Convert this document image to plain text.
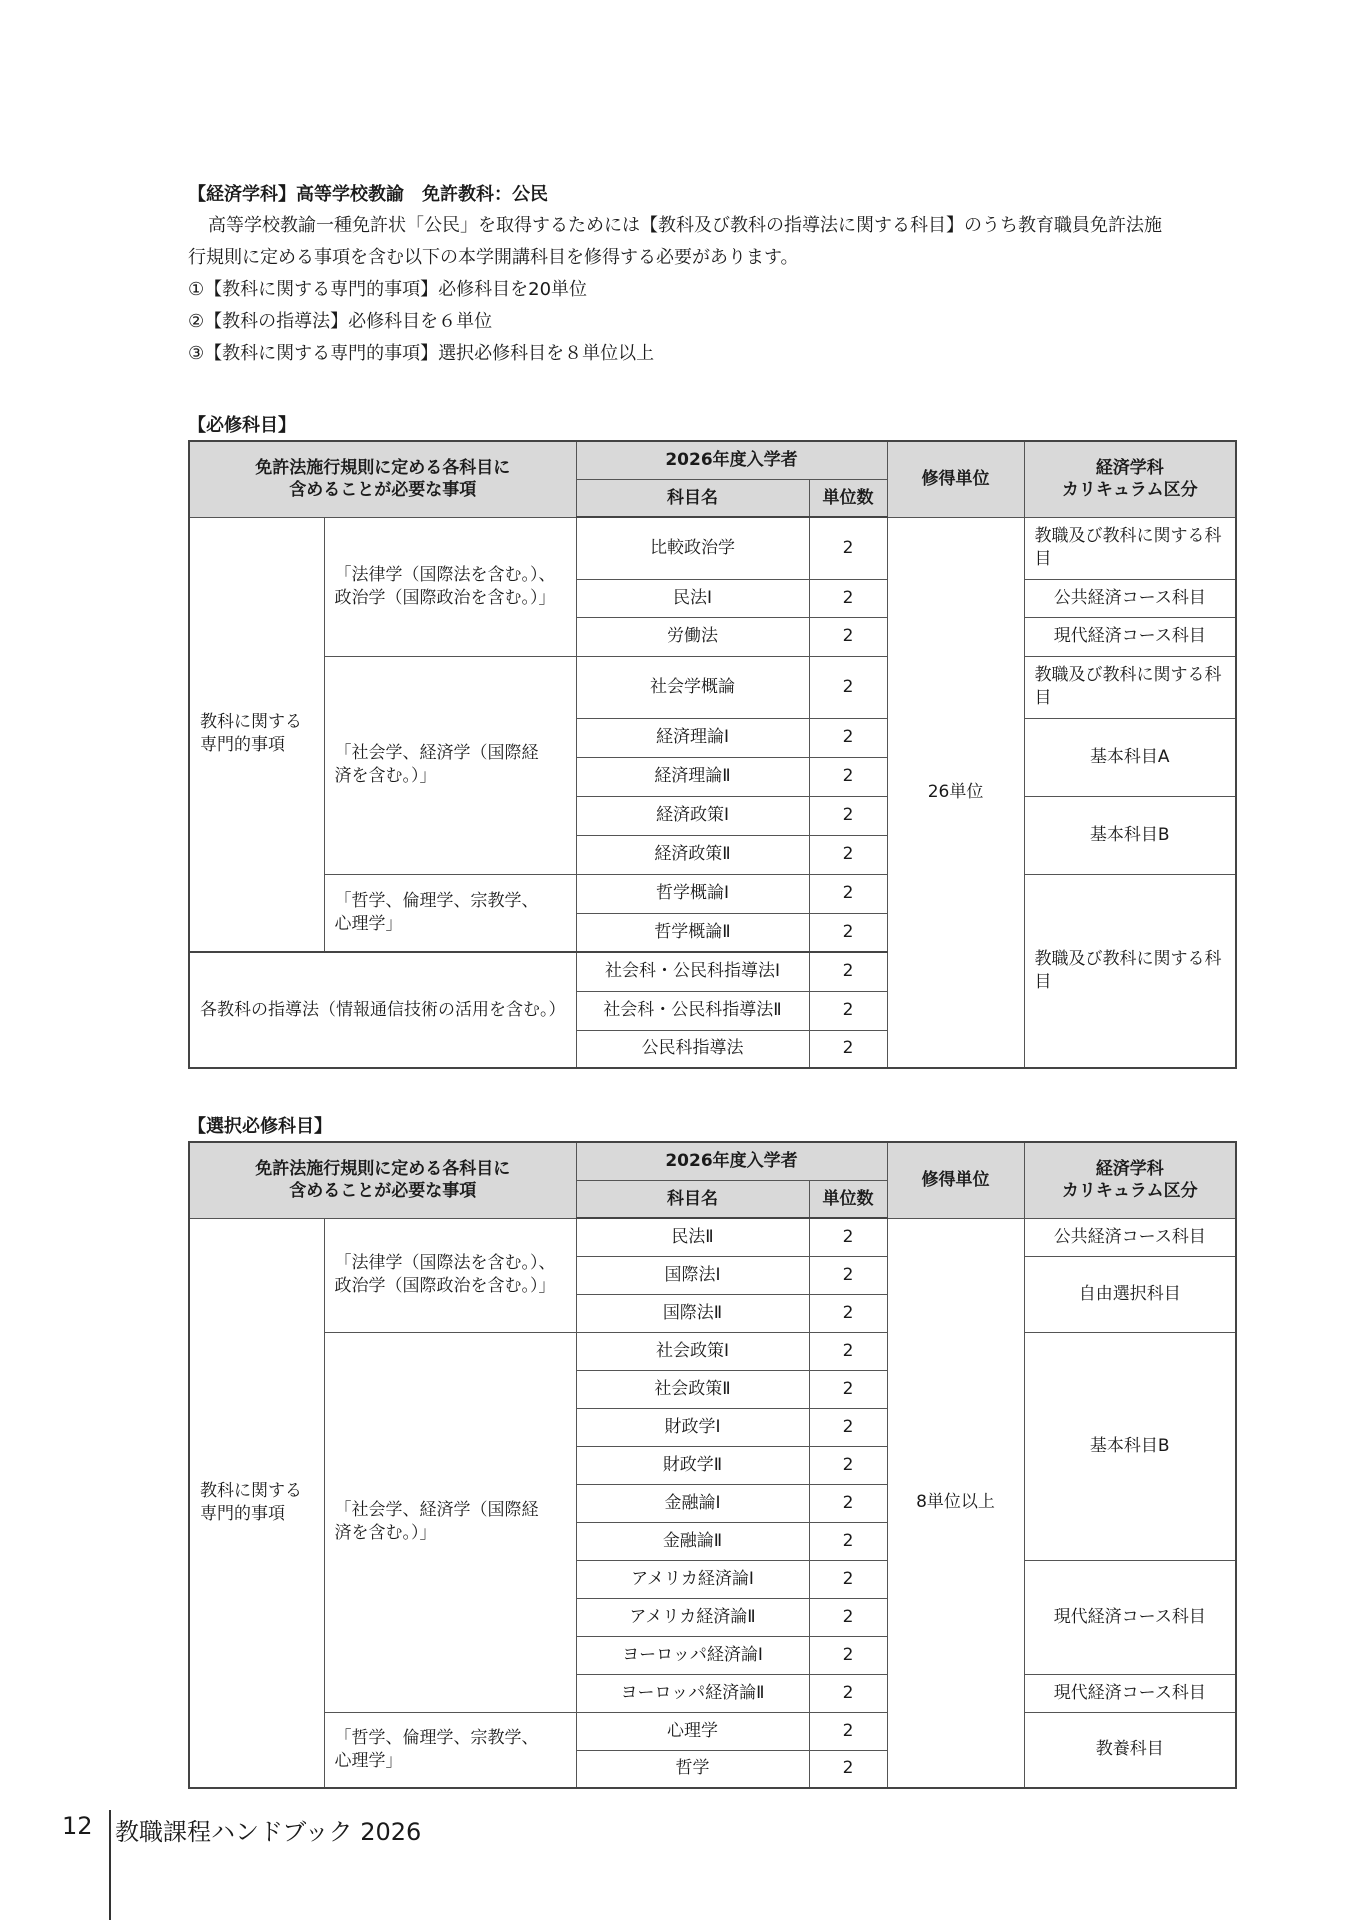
【経済学科】高等学校教諭　免許教科：公民
高等学校教諭一種免許状「公民」を取得するためには【教科及び教科の指導法に関する科目】のうち教育職員免許法施
行規則に定める事項を含む以下の本学開講科目を修得する必要があります。
①【教科に関する専門的事項】必修科目を20単位
②【教科の指導法】必修科目を６単位
③【教科に関する専門的事項】選択必修科目を８単位以上
【必修科目】
免許法施行規則に定める各科目に
含めることが必要な事項		2026年度入学者		修得単位	経済学科
カリキュラム区分
		科目名	単位数		
教科に関する
専門的事項	「法律学（国際法を含む。）、
政治学（国際政治を含む。）」	比較政治学	2	26単位	教職及び教科に関する科目
		民法Ⅰ	2		公共経済コース科目
		労働法	2		現代経済コース科目
	「社会学、経済学（国際経
済を含む。）」	社会学概論	2		教職及び教科に関する科目
		経済理論Ⅰ	2		基本科目A
		経済理論Ⅱ	2		
		経済政策Ⅰ	2		基本科目B
		経済政策Ⅱ	2		
	「哲学、倫理学、宗教学、
心理学」	哲学概論Ⅰ	2		教職及び教科に関する科目
		哲学概論Ⅱ	2		
各教科の指導法（情報通信技術の活用を含む。）		社会科・公民科指導法Ⅰ	2		
		社会科・公民科指導法Ⅱ	2		
		公民科指導法	2		
【選択必修科目】
免許法施行規則に定める各科目に
含めることが必要な事項		2026年度入学者		修得単位	経済学科
カリキュラム区分
		科目名	単位数		
教科に関する
専門的事項	「法律学（国際法を含む。）、
政治学（国際政治を含む。）」	民法Ⅱ	2	8単位以上	公共経済コース科目
		国際法Ⅰ	2		自由選択科目
		国際法Ⅱ	2		
	「社会学、経済学（国際経
済を含む。）」	社会政策Ⅰ	2		基本科目B
		社会政策Ⅱ	2		
		財政学Ⅰ	2		
		財政学Ⅱ	2		
		金融論Ⅰ	2		
		金融論Ⅱ	2		
		アメリカ経済論Ⅰ	2		現代経済コース科目
		アメリカ経済論Ⅱ	2		
		ヨーロッパ経済論Ⅰ	2		
		ヨーロッパ経済論Ⅱ	2		現代経済コース科目
	「哲学、倫理学、宗教学、
心理学」	心理学	2		教養科目
		哲学	2		
12 教職課程ハンドブック 2026
